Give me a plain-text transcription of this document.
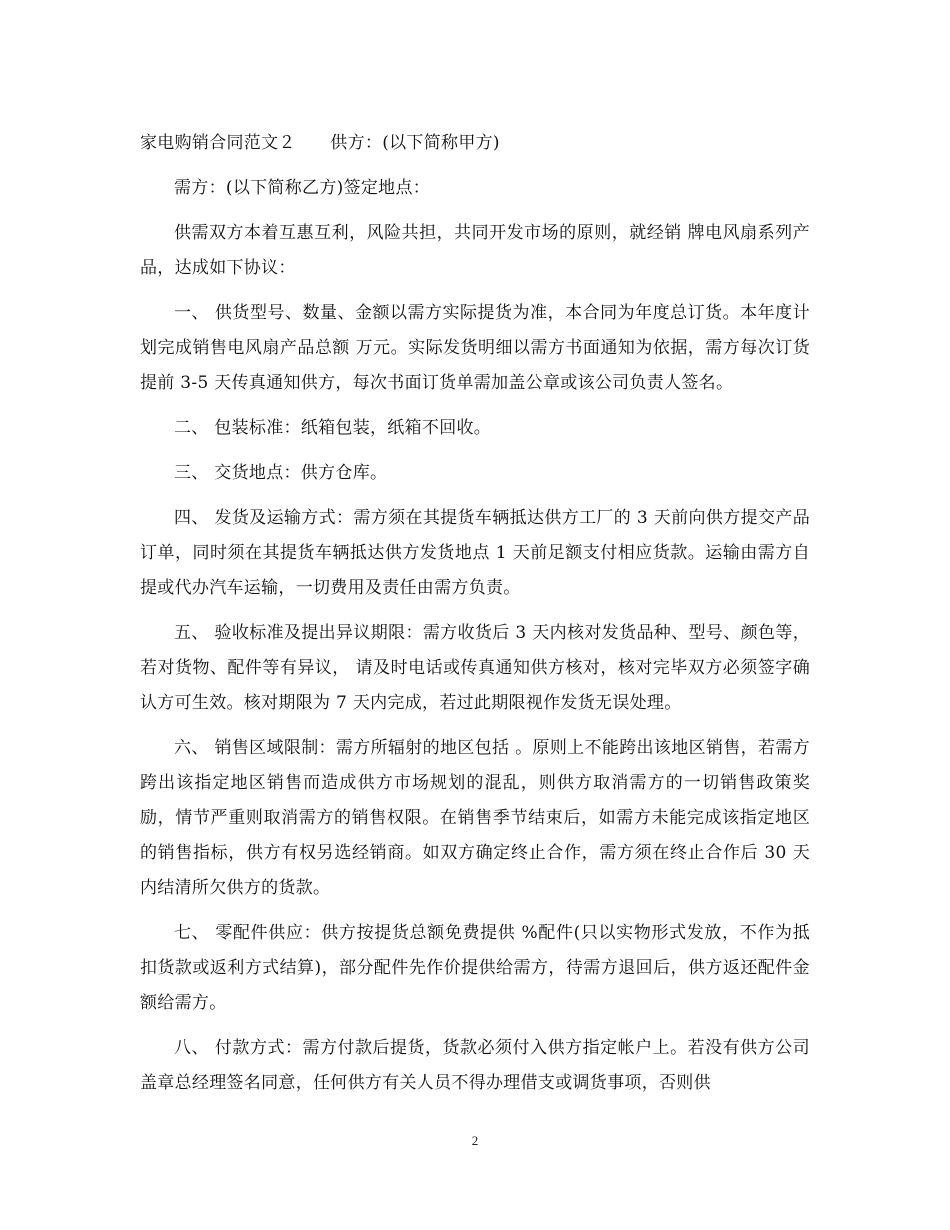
家电购销合同范文２　　供方：(以下简称甲方)

需方：(以下简称乙方)签定地点：

供需双方本着互惠互利，风险共担，共同开发市场的原则，就经销 牌电风扇系列产品，达成如下协议：

一、 供货型号、数量、金额以需方实际提货为准，本合同为年度总订货。本年度计划完成销售电风扇产品总额 万元。实际发货明细以需方书面通知为依据，需方每次订货提前 3-5 天传真通知供方，每次书面订货单需加盖公章或该公司负责人签名。

二、 包装标准：纸箱包装，纸箱不回收。

三、 交货地点：供方仓库。

四、 发货及运输方式：需方须在其提货车辆抵达供方工厂的 3 天前向供方提交产品订单，同时须在其提货车辆抵达供方发货地点 1 天前足额支付相应货款。运输由需方自提或代办汽车运输，一切费用及责任由需方负责。

五、 验收标准及提出异议期限：需方收货后 3 天内核对发货品种、型号、颜色等，若对货物、配件等有异议， 请及时电话或传真通知供方核对，核对完毕双方必须签字确认方可生效。核对期限为 7 天内完成，若过此期限视作发货无误处理。

六、 销售区域限制：需方所辐射的地区包括 。原则上不能跨出该地区销售，若需方跨出该指定地区销售而造成供方市场规划的混乱，则供方取消需方的一切销售政策奖励，情节严重则取消需方的销售权限。在销售季节结束后，如需方未能完成该指定地区的销售指标，供方有权另选经销商。如双方确定终止合作，需方须在终止合作后 30 天内结清所欠供方的货款。

七、 零配件供应：供方按提货总额免费提供 %配件(只以实物形式发放，不作为抵扣货款或返利方式结算)，部分配件先作价提供给需方，待需方退回后，供方返还配件金额给需方。

八、 付款方式：需方付款后提货，货款必须付入供方指定帐户上。若没有供方公司盖章总经理签名同意，任何供方有关人员不得办理借支或调货事项，否则供

2
